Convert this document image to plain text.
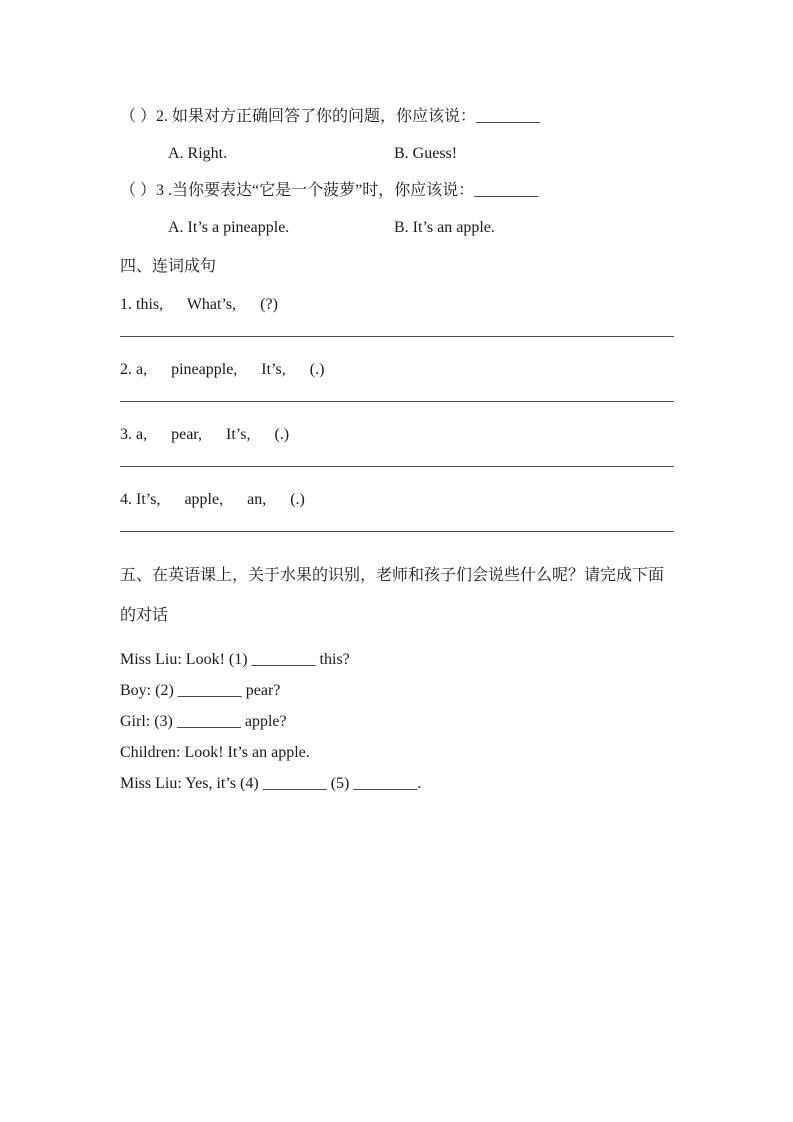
（ ）2. 如果对方正确回答了你的问题，你应该说：________

A. Right.	B. Guess!

（ ）3 .当你要表达“它是一个菠萝”时，你应该说：________

A. It’s a pineapple.	B. It’s an apple.
四、连词成句

1. this,      What’s,      (?)

2. a,      pineapple,      It’s,      (.)

3. a,      pear,      It’s,      (.)

4. It’s,      apple,      an,      (.)

五、在英语课上，关于水果的识别，老师和孩子们会说些什么呢？请完成下面的对话

Miss Liu: Look! (1) ________ this?

Boy: (2) ________ pear?

Girl: (3) ________ apple?

Children: Look! It’s an apple.

Miss Liu: Yes, it’s (4) ________ (5) ________.
